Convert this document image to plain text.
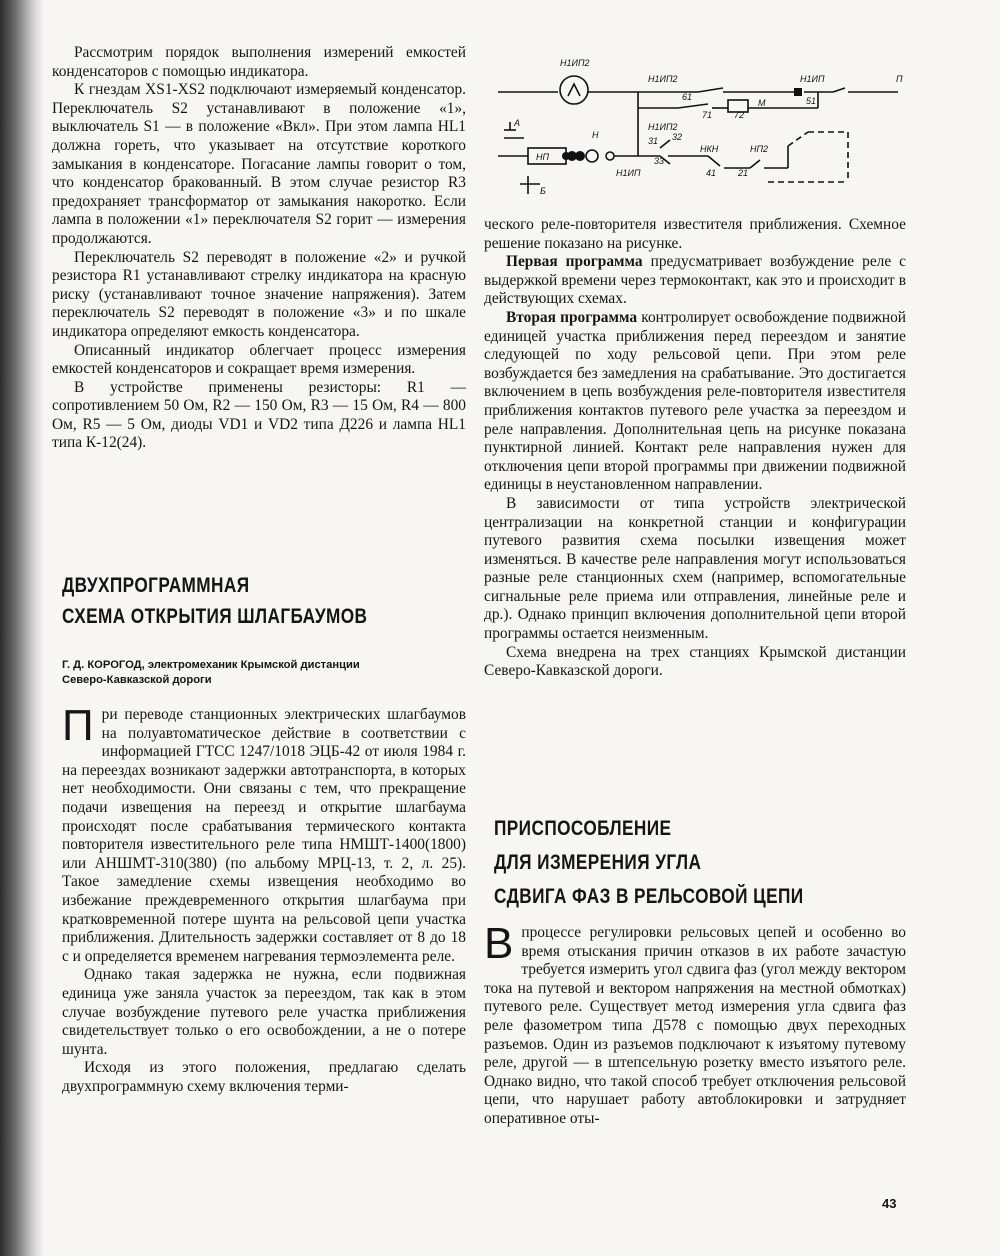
Н1ИП2
Н1ИП2
Н1ИП2
Н1ИП
Н1ИП
П
61	51
71 72
М
А
Б
Н
НП
НКН	НП2
31 32
33
41 21

Рассмотрим порядок выполнения измерений емкостей конденсаторов с помощью индикатора.

К гнездам XS1-XS2 подключают измеряемый конденсатор. Переключатель S2 устанавливают в положение «1», выключатель S1 — в положение «Вкл». При этом лампа HL1 должна гореть, что указывает на отсутствие короткого замыкания в конденсаторе. Погасание лампы говорит о том, что конденсатор бракованный. В этом случае резистор R3 предохраняет трансформатор от замыкания накоротко. Если лампа в положении «1» переключателя S2 горит — измерения продолжаются.

Переключатель S2 переводят в положение «2» и ручкой резистора R1 устанавливают стрелку индикатора на красную риску (устанавливают точное значение напряжения). Затем переключатель S2 переводят в положение «3» и по шкале индикатора определяют емкость конденсатора.

Описанный индикатор облегчает процесс измерения емкостей конденсаторов и сокращает время измерения.

В устройстве применены резисторы: R1 — сопротивлением 50 Ом, R2 — 150 Ом, R3 — 15 Ом, R4 — 800 Ом, R5 — 5 Ом, диоды VD1 и VD2 типа Д226 и лампа HL1 типа К-12(24).

ДВУХПРОГРАММНАЯ

СХЕМА ОТКРЫТИЯ ШЛАГБАУМОВ

Г. Д. КОРОГОД, электромеханик Крымской дистанции
Северо-Кавказской дороги

При переводе станционных электрических шлагбаумов на полуавтоматическое действие в соответствии с информацией ГТСС 1247/1018 ЭЦБ-42 от июля 1984 г. на переездах возникают задержки автотранспорта, в которых нет необходимости. Они связаны с тем, что прекращение подачи извещения на переезд и открытие шлагбаума происходят после срабатывания термического контакта повторителя известительного реле типа НМШТ-1400(1800) или АНШМТ-310(380) (по альбому МРЦ-13, т. 2, л. 25). Такое замедление схемы извещения необходимо во избежание преждевременного открытия шлагбаума при кратковременной потере шунта на рельсовой цепи участка приближения. Длительность задержки составляет от 8 до 18 с и определяется временем нагревания термоэлемента реле.

Однако такая задержка не нужна, если подвижная единица уже заняла участок за переездом, так как в этом случае возбуждение путевого реле участка приближения свидетельствует только о его освобождении, а не о потере шунта.

Исходя из этого положения, предлагаю сделать двухпрограммную схему включения терми-

ческого реле-повторителя известителя приближения. Схемное решение показано на рисунке.

Первая программа предусматривает возбуждение реле с выдержкой времени через термоконтакт, как это и происходит в действующих схемах.

Вторая программа контролирует освобождение подвижной единицей участка приближения перед переездом и занятие следующей по ходу рельсовой цепи. При этом реле возбуждается без замедления на срабатывание. Это достигается включением в цепь возбуждения реле-повторителя известителя приближения контактов путевого реле участка за переездом и реле направления. Дополнительная цепь на рисунке показана пунктирной линией. Контакт реле направления нужен для отключения цепи второй программы при движении подвижной единицы в неустановленном направлении.

В зависимости от типа устройств электрической централизации на конкретной станции и конфигурации путевого развития схема посылки извещения может изменяться. В качестве реле направления могут использоваться разные реле станционных схем (например, вспомогательные сигнальные реле приема или отправления, линейные реле и др.). Однако принцип включения дополнительной цепи второй программы остается неизменным.

Схема внедрена на трех станциях Крымской дистанции Северо-Кавказской дороги.

ПРИСПОСОБЛЕНИЕ

ДЛЯ ИЗМЕРЕНИЯ УГЛА

СДВИГА ФАЗ В РЕЛЬСОВОЙ ЦЕПИ

Впроцессе регулировки рельсовых цепей и особенно во время отыскания причин отказов в их работе зачастую требуется измерить угол сдвига фаз (угол между вектором тока на путевой и вектором напряжения на местной обмотках) путевого реле. Существует метод измерения угла сдвига фаз реле фазометром типа Д578 с помощью двух переходных разъемов. Один из разъемов подключают к изъятому путевому реле, другой — в штепсельную розетку вместо изъятого реле. Однако видно, что такой способ требует отключения рельсовой цепи, что нарушает работу автоблокировки и затрудняет оперативное оты-

43
